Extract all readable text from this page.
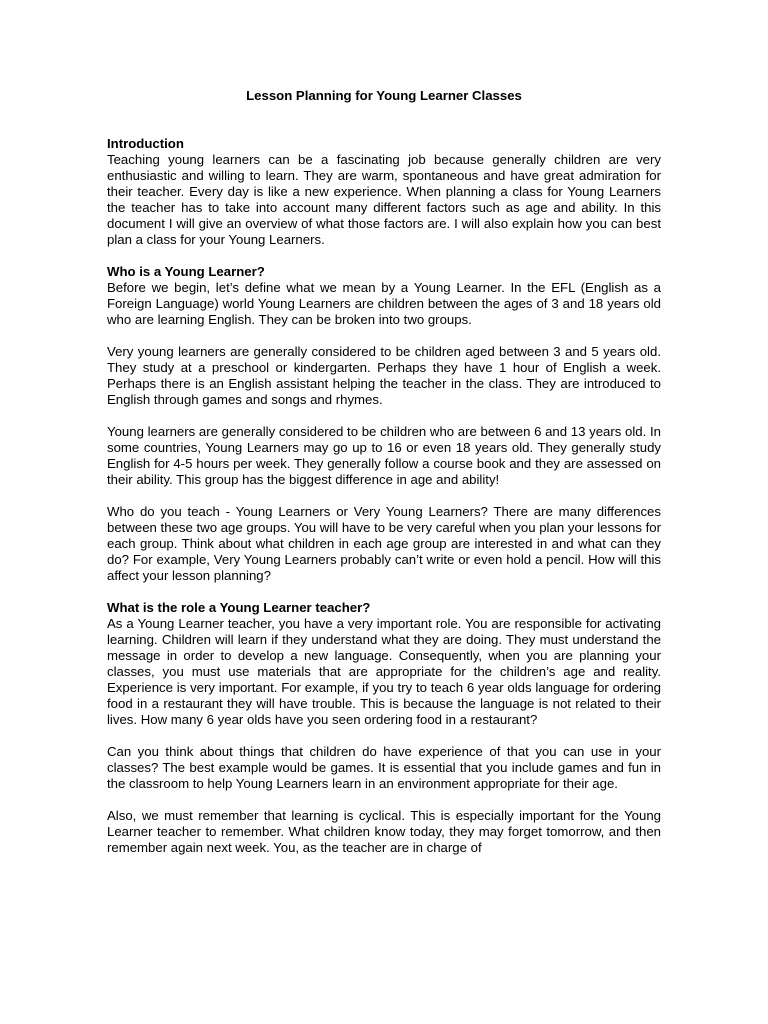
Lesson Planning for Young Learner Classes
Introduction

Teaching young learners can be a fascinating job because generally children are very enthusiastic and willing to learn. They are warm, spontaneous and have great admiration for their teacher. Every day is like a new experience. When planning a class for Young Learners the teacher has to take into account many different factors such as age and ability. In this document I will give an overview of what those factors are. I will also explain how you can best plan a class for your Young Learners.

Who is a Young Learner?

Before we begin, let’s define what we mean by a Young Learner. In the EFL (English as a Foreign Language) world Young Learners are children between the ages of 3 and 18 years old who are learning English. They can be broken into two groups.

Very young learners are generally considered to be children aged between 3 and 5 years old. They study at a preschool or kindergarten. Perhaps they have 1 hour of English a week. Perhaps there is an English assistant helping the teacher in the class. They are introduced to English through games and songs and rhymes.

Young learners are generally considered to be children who are between 6 and 13 years old. In some countries, Young Learners may go up to 16 or even 18 years old. They generally study English for 4-5 hours per week. They generally follow a course book and they are assessed on their ability. This group has the biggest difference in age and ability!

Who do you teach - Young Learners or Very Young Learners? There are many differences between these two age groups. You will have to be very careful when you plan your lessons for each group. Think about what children in each age group are interested in and what can they do? For example, Very Young Learners probably can’t write or even hold a pencil. How will this affect your lesson planning?

What is the role a Young Learner teacher?

As a Young Learner teacher, you have a very important role. You are responsible for activating learning. Children will learn if they understand what they are doing. They must understand the message in order to develop a new language. Consequently, when you are planning your classes, you must use materials that are appropriate for the children’s age and reality. Experience is very important. For example, if you try to teach 6 year olds language for ordering food in a restaurant they will have trouble. This is because the language is not related to their lives. How many 6 year olds have you seen ordering food in a restaurant?

Can you think about things that children do have experience of that you can use in your classes? The best example would be games. It is essential that you include games and fun in the classroom to help Young Learners learn in an environment appropriate for their age.

Also, we must remember that learning is cyclical. This is especially important for the Young Learner teacher to remember. What children know today, they may forget tomorrow, and then remember again next week. You, as the teacher are in charge of
